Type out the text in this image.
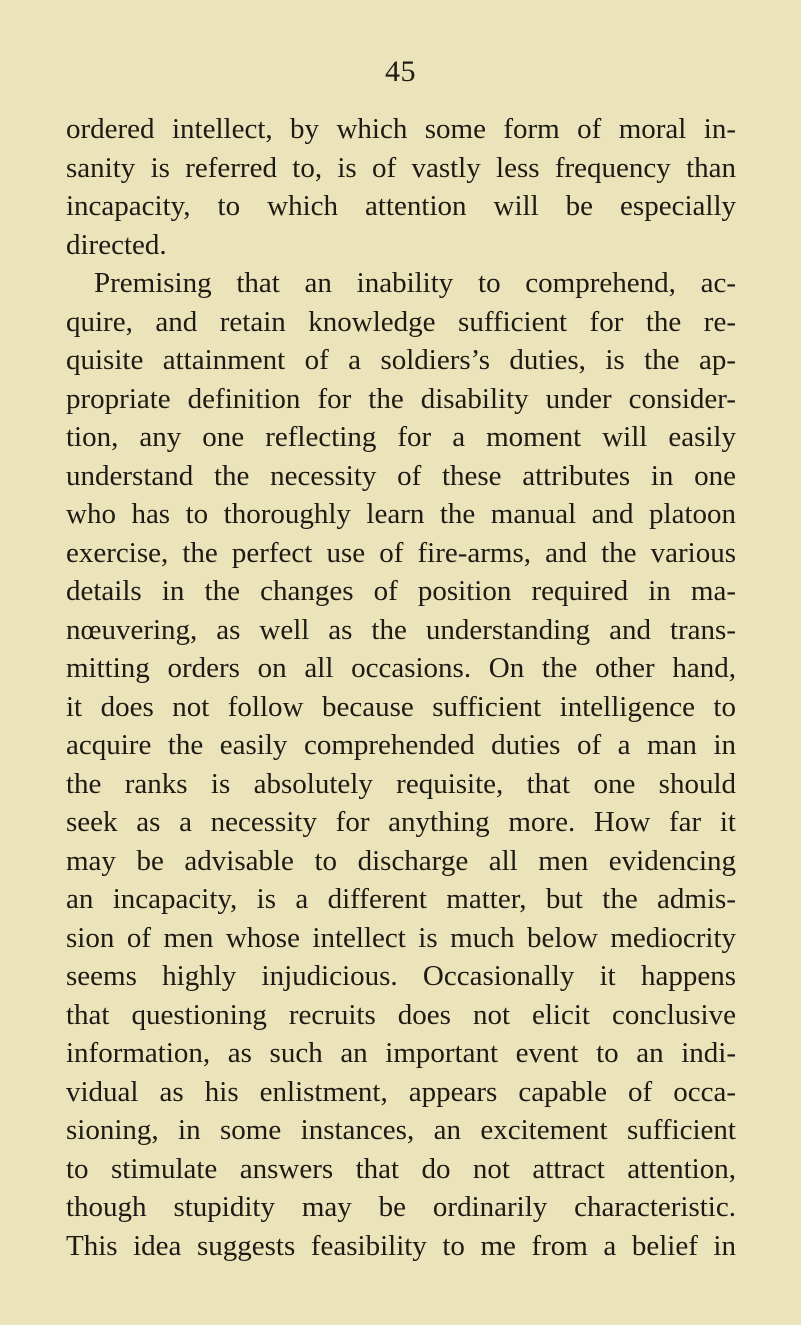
45
ordered intellect, by which some form of moral in-
sanity is referred to, is of vastly less frequency than
incapacity, to which attention will be especially
directed.
Premising that an inability to comprehend, ac-
quire, and retain knowledge sufficient for the re-
quisite attainment of a soldiers’s duties, is the ap-
propriate definition for the disability under consider-
tion, any one reflecting for a moment will easily
understand the necessity of these attributes in one
who has to thoroughly learn the manual and platoon
exercise, the perfect use of fire-arms, and the various
details in the changes of position required in ma-
nœuvering, as well as the understanding and trans-
mitting orders on all occasions. On the other hand,
it does not follow because sufficient intelligence to
acquire the easily comprehended duties of a man in
the ranks is absolutely requisite, that one should
seek as a necessity for anything more. How far it
may be advisable to discharge all men evidencing
an incapacity, is a different matter, but the admis-
sion of men whose intellect is much below mediocrity
seems highly injudicious. Occasionally it happens
that questioning recruits does not elicit conclusive
information, as such an important event to an indi-
vidual as his enlistment, appears capable of occa-
sioning, in some instances, an excitement sufficient
to stimulate answers that do not attract attention,
though stupidity may be ordinarily characteristic.
This idea suggests feasibility to me from a belief in
